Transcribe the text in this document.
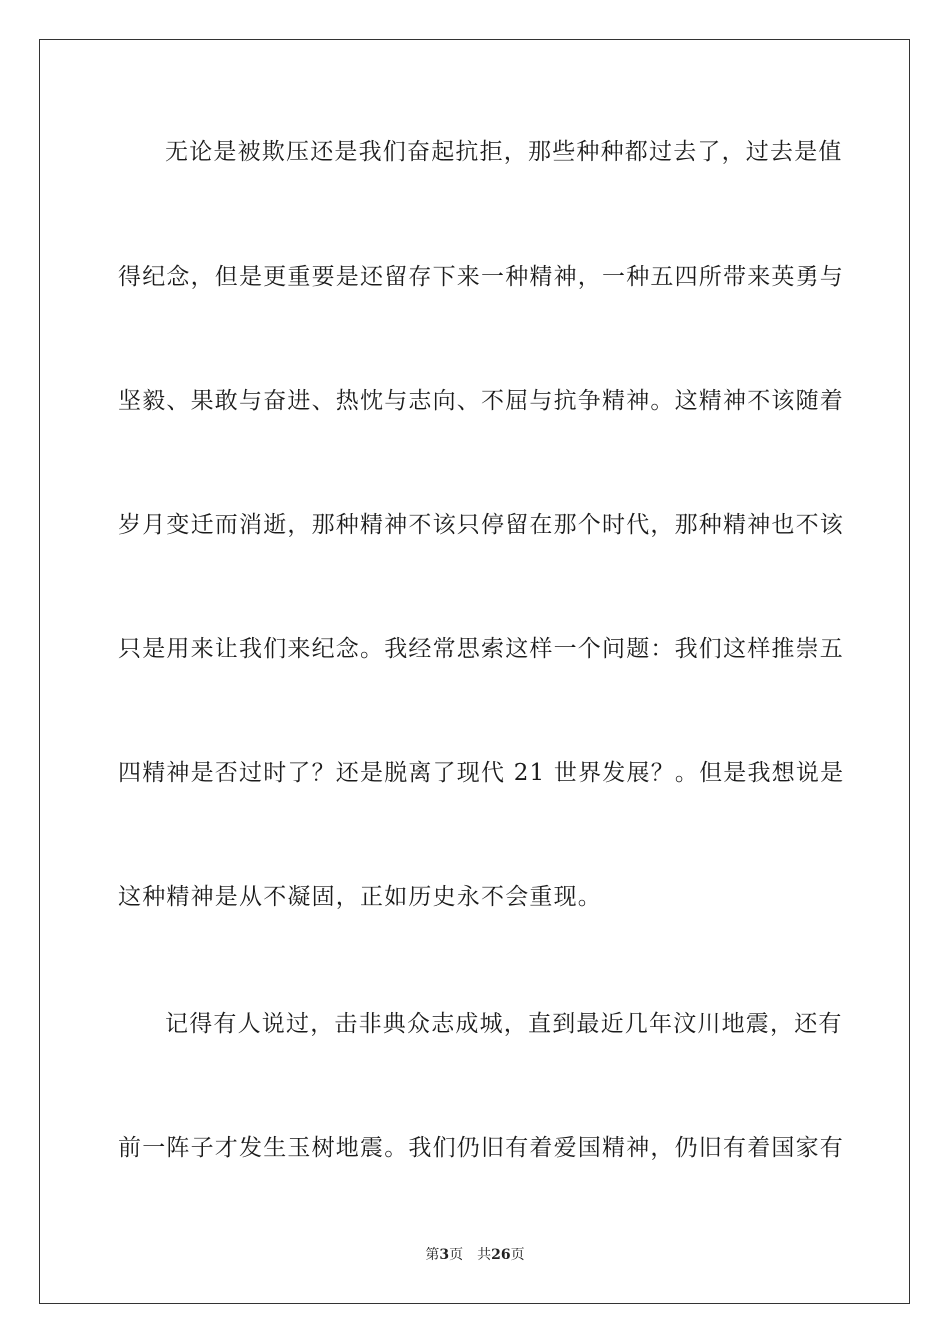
无论是被欺压还是我们奋起抗拒，那些种种都过去了，过去是值
得纪念，但是更重要是还留存下来一种精神，一种五四所带来英勇与
坚毅、果敢与奋进、热忱与志向、不屈与抗争精神。这精神不该随着
岁月变迁而消逝，那种精神不该只停留在那个时代，那种精神也不该
只是用来让我们来纪念。我经常思索这样一个问题：我们这样推崇五
四精神是否过时了？还是脱离了现代 21 世界发展？。但是我想说是
这种精神是从不凝固，正如历史永不会重现。
记得有人说过，击非典众志成城，直到最近几年汶川地震，还有
前一阵子才发生玉树地震。我们仍旧有着爱国精神，仍旧有着国家有
第3页 共26页
